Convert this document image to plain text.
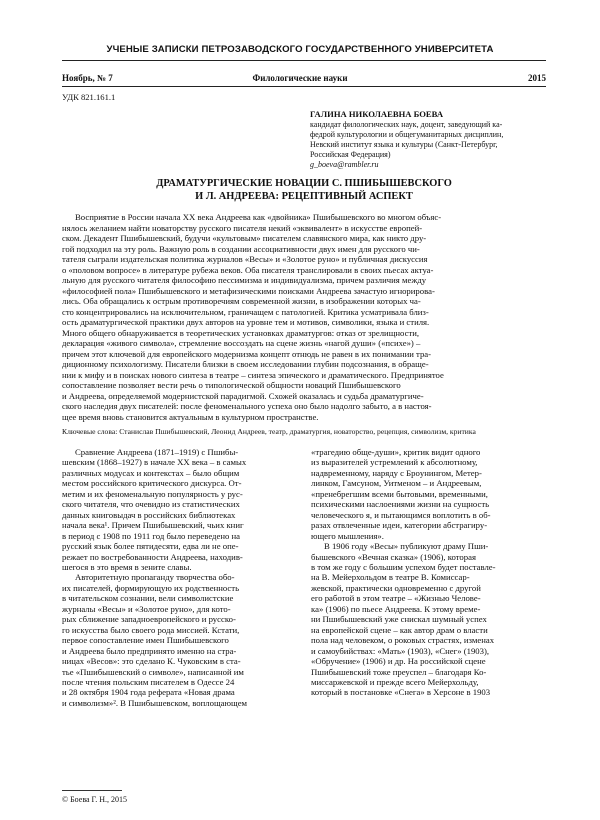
УЧЕНЫЕ ЗАПИСКИ ПЕТРОЗАВОДСКОГО ГОСУДАРСТВЕННОГО УНИВЕРСИТЕТА
Ноябрь, № 7	Филологические науки	2015
УДК 821.161.1
ГАЛИНА НИКОЛАЕВНА БОЕВА
кандидат филологических наук, доцент, заведующий ка-
федрой культурологии и общегуманитарных дисциплин,
Невский институт языка и культуры (Санкт-Петербург,
Российская Федерация)
g_boeva@rambler.ru
ДРАМАТУРГИЧЕСКИЕ НОВАЦИИ С. ПШИБЫШЕВСКОГО
И Л. АНДРЕЕВА: РЕЦЕПТИВНЫЙ АСПЕКТ
Восприятие в России начала XX века Андреева как «двойника» Пшибышевского во многом объяс-
нялось желанием найти новаторству русского писателя некий «эквивалент» в искусстве европей-
ском. Декадент Пшибышевский, будучи «культовым» писателем славянского мира, как никто дру-
гой подходил на эту роль. Важную роль в создании ассоциативности двух имен для русского чи-
тателя сыграли издательская политика журналов «Весы» и «Золотое руно» и публичная дискуссия
о «половом вопросе» в литературе рубежа веков. Оба писателя транслировали в своих пьесах актуа-
льную для русского читателя философию пессимизма и индивидуализма, причем различия между
«философией пола» Пшибышевского и метафизическими поисками Андреева зачастую игнорирова-
лись. Оба обращались к острым противоречиям современной жизни, в изображении которых ча-
сто концентрировались на исключительном, граничащем с патологией. Критика усматривала близ-
ость драматургической практики двух авторов на уровне тем и мотивов, символики, языка и стиля.
Много общего обнаруживается в теоретических установках драматургов: отказ от зрелищности,
декларация «живого символа», стремление воссоздать на сцене жизнь «нагой души» («психе») –
причем этот ключевой для европейского модернизма концепт отнюдь не равен в их понимании тра-
диционному психологизму. Писатели близки в своем исследовании глубин подсознания, в обраще-
нии к мифу и в поисках нового синтеза в театре – синтеза эпического и драматического. Предпринятое
сопоставление позволяет вести речь о типологической общности новаций Пшибышевского
и Андреева, определяемой модернистской парадигмой. Схожей оказалась и судьба драматургиче-
ского наследия двух писателей: после феноменального успеха оно было надолго забыто, а в настоя-
щее время вновь становится актуальным в культурном пространстве.
Ключевые слова: Станислав Пшибышевский, Леонид Андреев, театр, драматургия, новаторство, рецепция, символизм, критика
Сравнение Андреева (1871–1919) с Пшибы-
шевским (1868–1927) в начале XX века – в самых
различных модусах и контекстах – было общим
местом российского критического дискурса. От-
метим и их феноменальную популярность у рус-
ского читателя, что очевидно из статистических
данных книговыдач в российских библиотеках
начала века¹. Причем Пшибышевский, чьих книг
в период с 1908 по 1911 год было переведено на
русский язык более пятидесяти, едва ли не опе-
режает по востребованности Андреева, находив-
шегося в это время в зените славы.
Авторитетную пропаганду творчества обо-
их писателей, формирующую их родственность
в читательском сознании, вели символистские
журналы «Весы» и «Золотое руно», для кото-
рых сближение западноевропейского и русско-
го искусства было своего рода миссией. Кстати,
первое сопоставление имен Пшибышевского
и Андреева было предпринято именно на стра-
ницах «Весов»: это сделано К. Чуковским в ста-
тье «Пшибышевский о символе», написанной им
после чтения польским писателем в Одессе 24
и 28 октября 1904 года реферата «Новая драма
и символизм»². В Пшибышевском, воплощающем
«трагедию обще-души», критик видит одного
из выразителей устремлений к абсолютному,
надвременному, наряду с Брoунингом, Метер-
линком, Гамсуном, Уитменом – и Андреевым,
«пренебрегшим всеми бытовыми, временными,
психическими наслоениями жизни на сущность
человеческого я, и пытающимся воплотить в об-
разах отвлеченные идеи, категории абстрагиру-
ющего мышления».
В 1906 году «Весы» публикуют драму Пши-
бышевского «Вечная сказка» (1906), которая
в том же году с большим успехом будет поставле-
на В. Мейерхольдом в театре В. Комиссар-
жевской, практически одновременно с другой
его работой в этом театре – «Жизнью Челове-
ка» (1906) по пьесе Андреева. К этому време-
ни Пшибышевский уже снискал шумный успех
на европейской сцене – как автор драм о власти
пола над человеком, о роковых страстях, изменах
и самоубийствах: «Мать» (1903), «Снег» (1903),
«Обручение» (1906) и др. На российской сцене
Пшибышевский тоже преуспел – благодаря Ко-
миссаржевской и прежде всего Мейерхольду,
который в постановке «Снега» в Херсоне в 1903
© Боева Г. Н., 2015
